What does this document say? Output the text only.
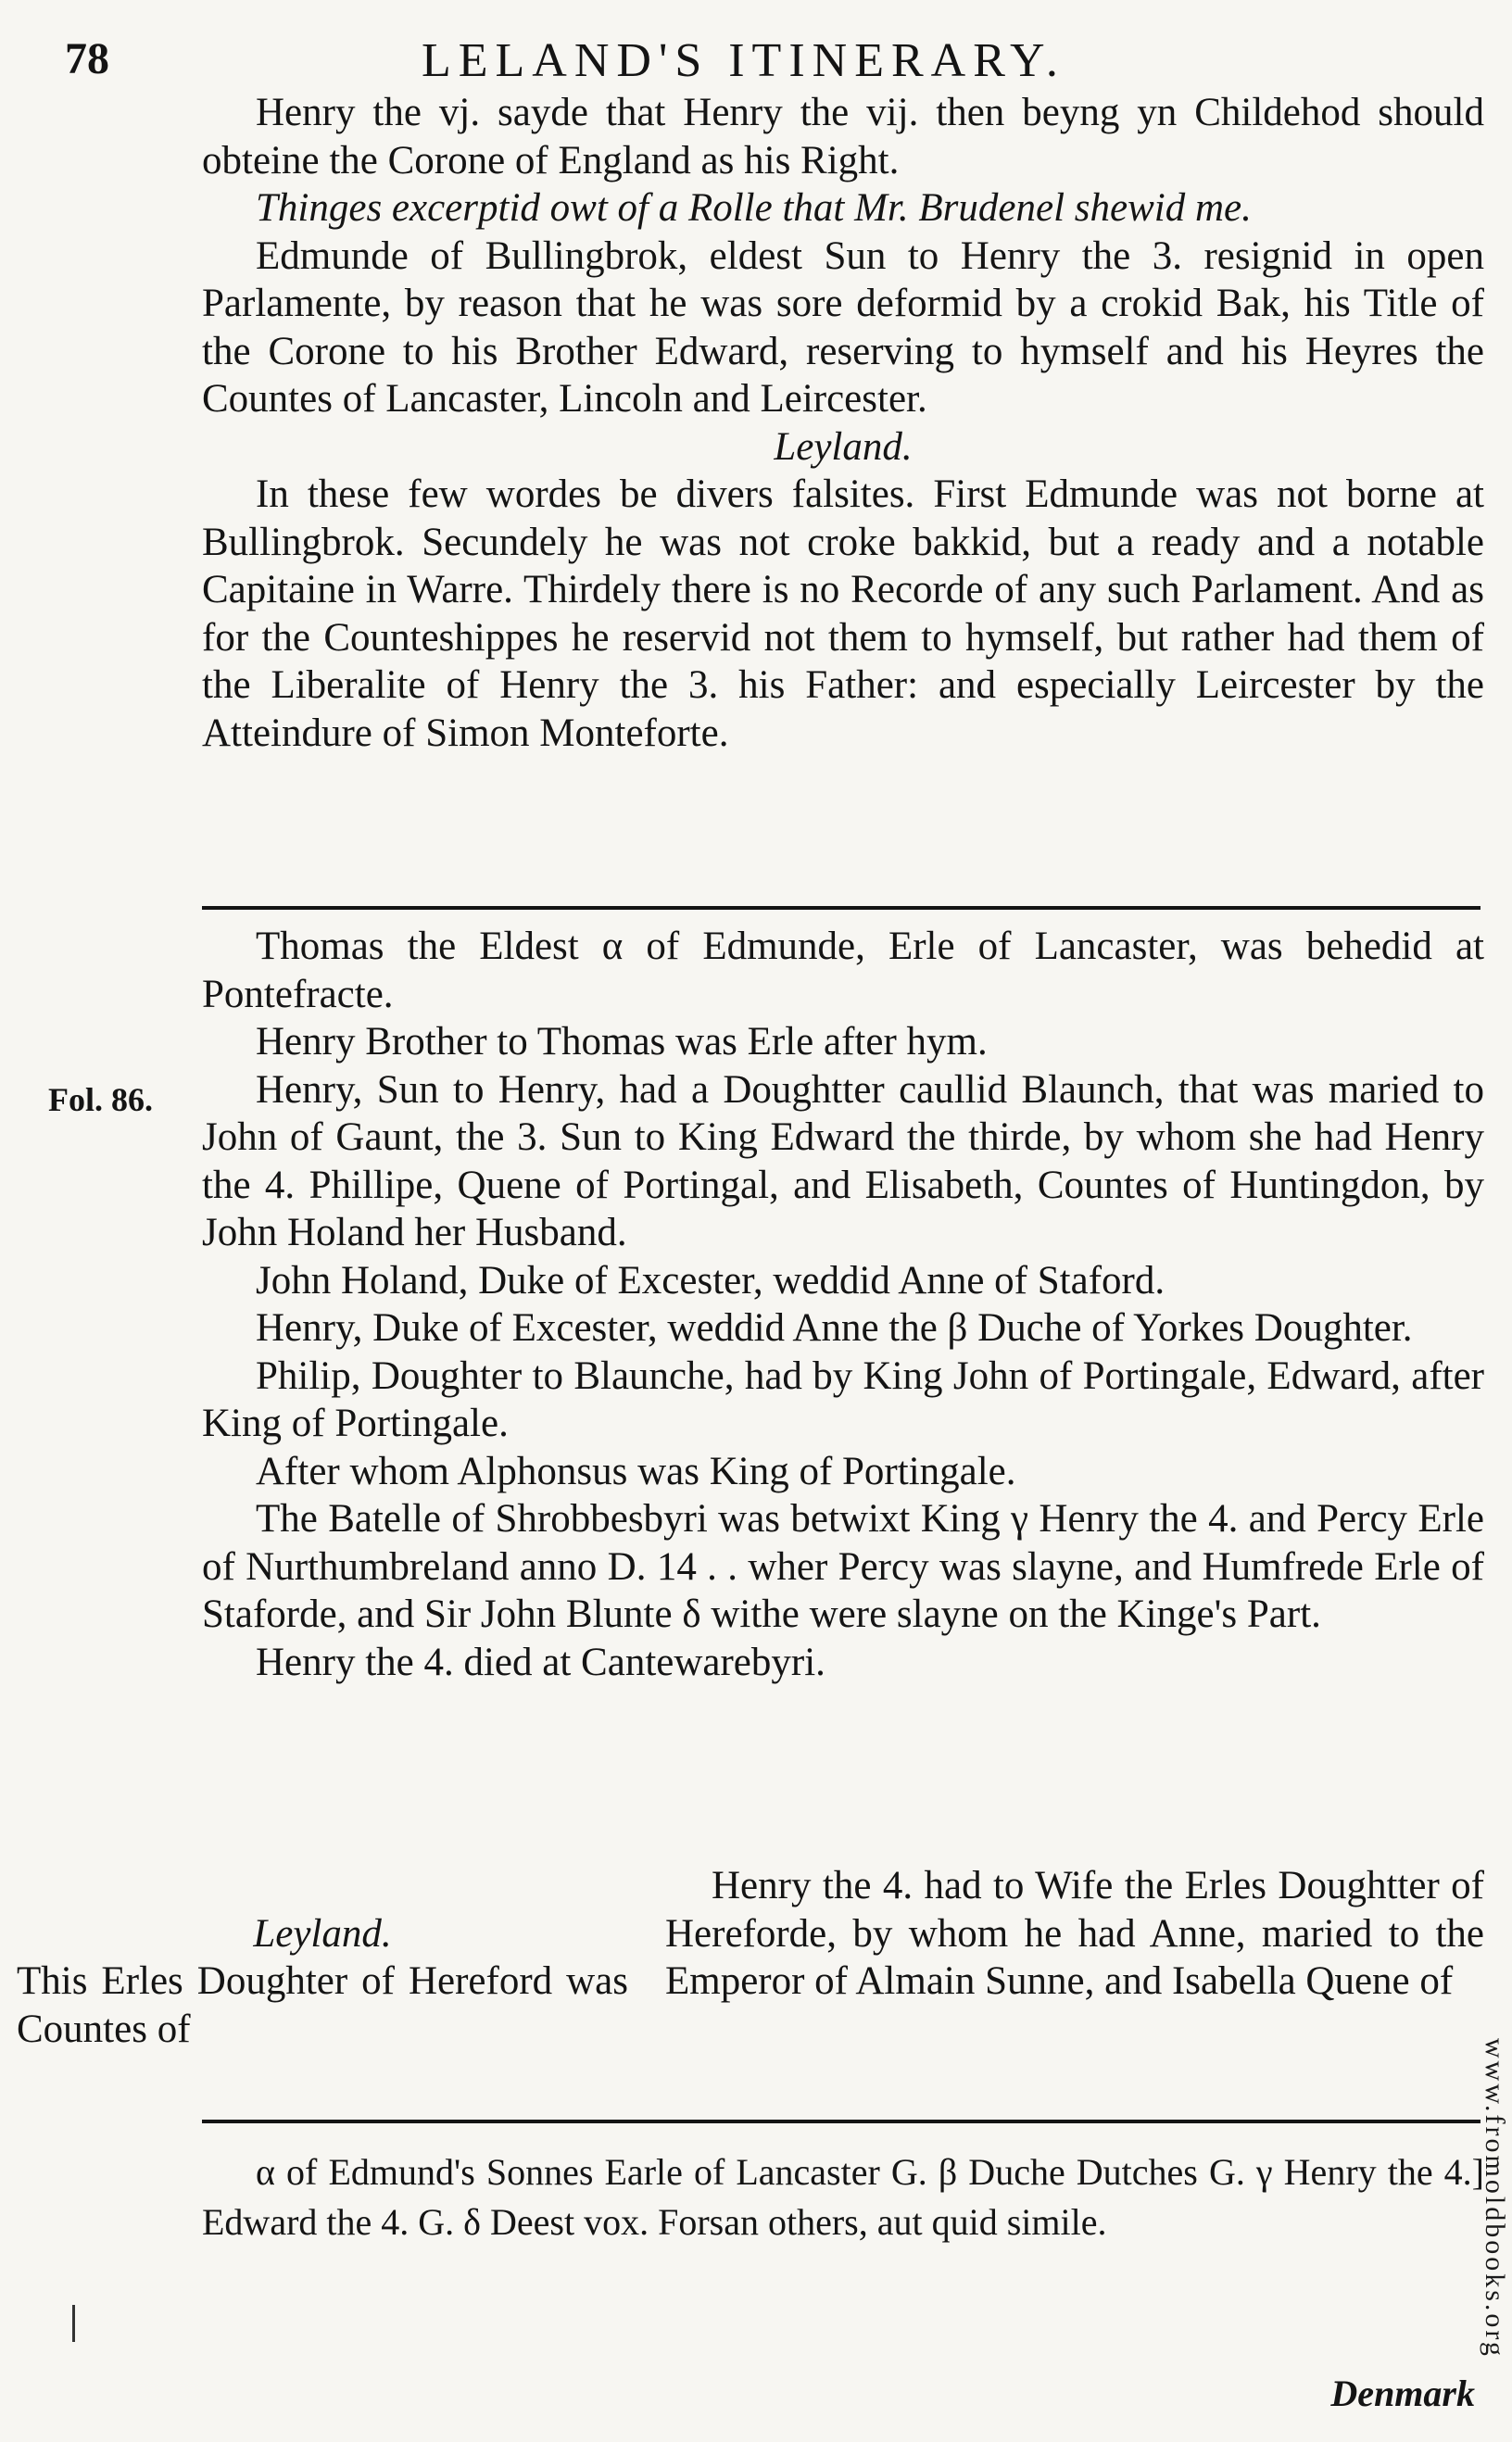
78	LELAND'S ITINERARY.

Henry the vj. sayde that Henry the vij. then beyng yn Childehod should obteine the Corone of England as his Right.

Thinges excerptid owt of a Rolle that Mr. Brudenel shewid me.

Edmunde of Bullingbrok, eldest Sun to Henry the 3. resignid in open Parlamente, by reason that he was sore deformid by a crokid Bak, his Title of the Corone to his Brother Edward, reserving to hymself and his Heyres the Countes of Lancaster, Lincoln and Leircester.

Leyland.

In these few wordes be divers falsites. First Edmunde was not borne at Bullingbrok. Secundely he was not croke bakkid, but a ready and a notable Capitaine in Warre. Thirdely there is no Recorde of any such Parlament. And as for the Counteshippes he reservid not them to hymself, but rather had them of the Liberalite of Henry the 3. his Father: and especially Leircester by the Atteindure of Simon Monteforte.

Fol. 86.

Thomas the Eldest α of Edmunde, Erle of Lancaster, was behedid at Pontefracte.

Henry Brother to Thomas was Erle after hym.

Henry, Sun to Henry, had a Doughtter caullid Blaunch, that was maried to John of Gaunt, the 3. Sun to King Edward the thirde, by whom she had Henry the 4. Phillipe, Quene of Portingal, and Elisabeth, Countes of Huntingdon, by John Holand her Husband.

John Holand, Duke of Excester, weddid Anne of Staford.

Henry, Duke of Excester, weddid Anne the β Duche of Yorkes Doughter.

Philip, Doughter to Blaunche, had by King John of Portingale, Edward, after King of Portingale.

After whom Alphonsus was King of Portingale.

The Batelle of Shrobbesbyri was betwixt King γ Henry the 4. and Percy Erle of Nurthumbreland anno D. 14 . . wher Percy was slayne, and Humfrede Erle of Staforde, and Sir John Blunte δ withe were slayne on the Kinge's Part.

Henry the 4. died at Cantewarebyri.

Leyland.
This Erles Doughter of Hereford was Countes of
Henry the 4. had to Wife the Erles Doughtter of Hereforde, by whom he had Anne, maried to the Emperor of Almain Sunne, and Isabella Quene of

α of Edmund's Sonnes Earle of Lancaster G. β Duche Dutches G. γ Henry the 4.] Edward the 4. G. δ Deest vox. Forsan others, aut quid simile.

Denmark
www.fromoldbooks.org
